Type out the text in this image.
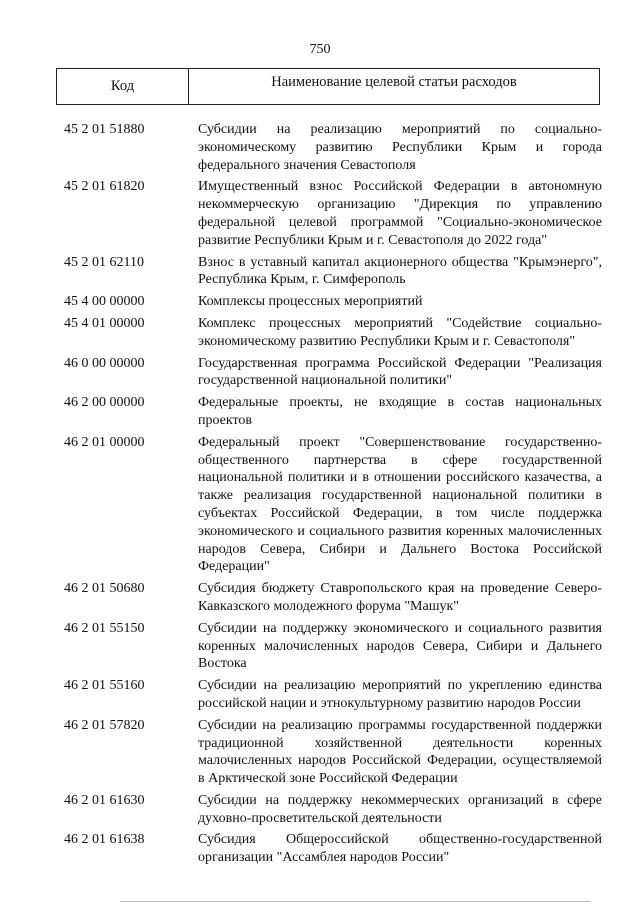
750
Код	Наименование целевой статьи расходов
45 2 01 51880	Субсидии на реализацию мероприятий по социально-экономическому развитию Республики Крым и города федерального значения Севастополя
45 2 01 61820	Имущественный взнос Российской Федерации в автономную некоммерческую организацию "Дирекция по управлению федеральной целевой программой "Социально-экономическое развитие Республики Крым и г. Севастополя до 2022 года"
45 2 01 62110	Взнос в уставный капитал акционерного общества "Крымэнерго", Республика Крым, г. Симферополь
45 4 00 00000	Комплексы процессных мероприятий
45 4 01 00000	Комплекс процессных мероприятий "Содействие социально-экономическому развитию Республики Крым и г. Севастополя"
46 0 00 00000	Государственная программа Российской Федерации "Реализация государственной национальной политики"
46 2 00 00000	Федеральные проекты, не входящие в состав национальных проектов
46 2 01 00000	Федеральный проект "Совершенствование государственно-общественного партнерства в сфере государственной национальной политики и в отношении российского казачества, а также реализация государственной национальной политики в субъектах Российской Федерации, в том числе поддержка экономического и социального развития коренных малочисленных народов Севера, Сибири и Дальнего Востока Российской Федерации"
46 2 01 50680	Субсидия бюджету Ставропольского края на проведение Северо-Кавказского молодежного форума "Машук"
46 2 01 55150	Субсидии на поддержку экономического и социального развития коренных малочисленных народов Севера, Сибири и Дальнего Востока
46 2 01 55160	Субсидии на реализацию мероприятий по укреплению единства российской нации и этнокультурному развитию народов России
46 2 01 57820	Субсидии на реализацию программы государственной поддержки традиционной хозяйственной деятельности коренных малочисленных народов Российской Федерации, осуществляемой в Арктической зоне Российской Федерации
46 2 01 61630	Субсидии на поддержку некоммерческих организаций в сфере духовно-просветительской деятельности
46 2 01 61638	Субсидия Общероссийской общественно-государственной организации "Ассамблея народов России"
